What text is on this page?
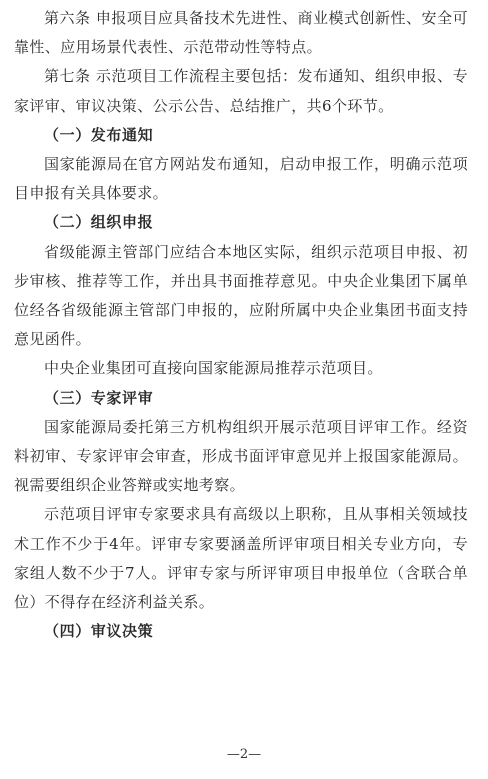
第六条 申报项目应具备技术先进性、商业模式创新性、安全可靠性、应用场景代表性、示范带动性等特点。

第七条 示范项目工作流程主要包括：发布通知、组织申报、专家评审、审议决策、公示公告、总结推广，共6个环节。

（一）发布通知

国家能源局在官方网站发布通知，启动申报工作，明确示范项目申报有关具体要求。

（二）组织申报

省级能源主管部门应结合本地区实际，组织示范项目申报、初步审核、推荐等工作，并出具书面推荐意见。中央企业集团下属单位经各省级能源主管部门申报的，应附所属中央企业集团书面支持意见函件。

中央企业集团可直接向国家能源局推荐示范项目。

（三）专家评审

国家能源局委托第三方机构组织开展示范项目评审工作。经资料初审、专家评审会审查，形成书面评审意见并上报国家能源局。视需要组织企业答辩或实地考察。

示范项目评审专家要求具有高级以上职称，且从事相关领域技术工作不少于4年。评审专家要涵盖所评审项目相关专业方向，专家组人数不少于7人。评审专家与所评审项目申报单位（含联合单位）不得存在经济利益关系。

（四）审议决策

—2—
